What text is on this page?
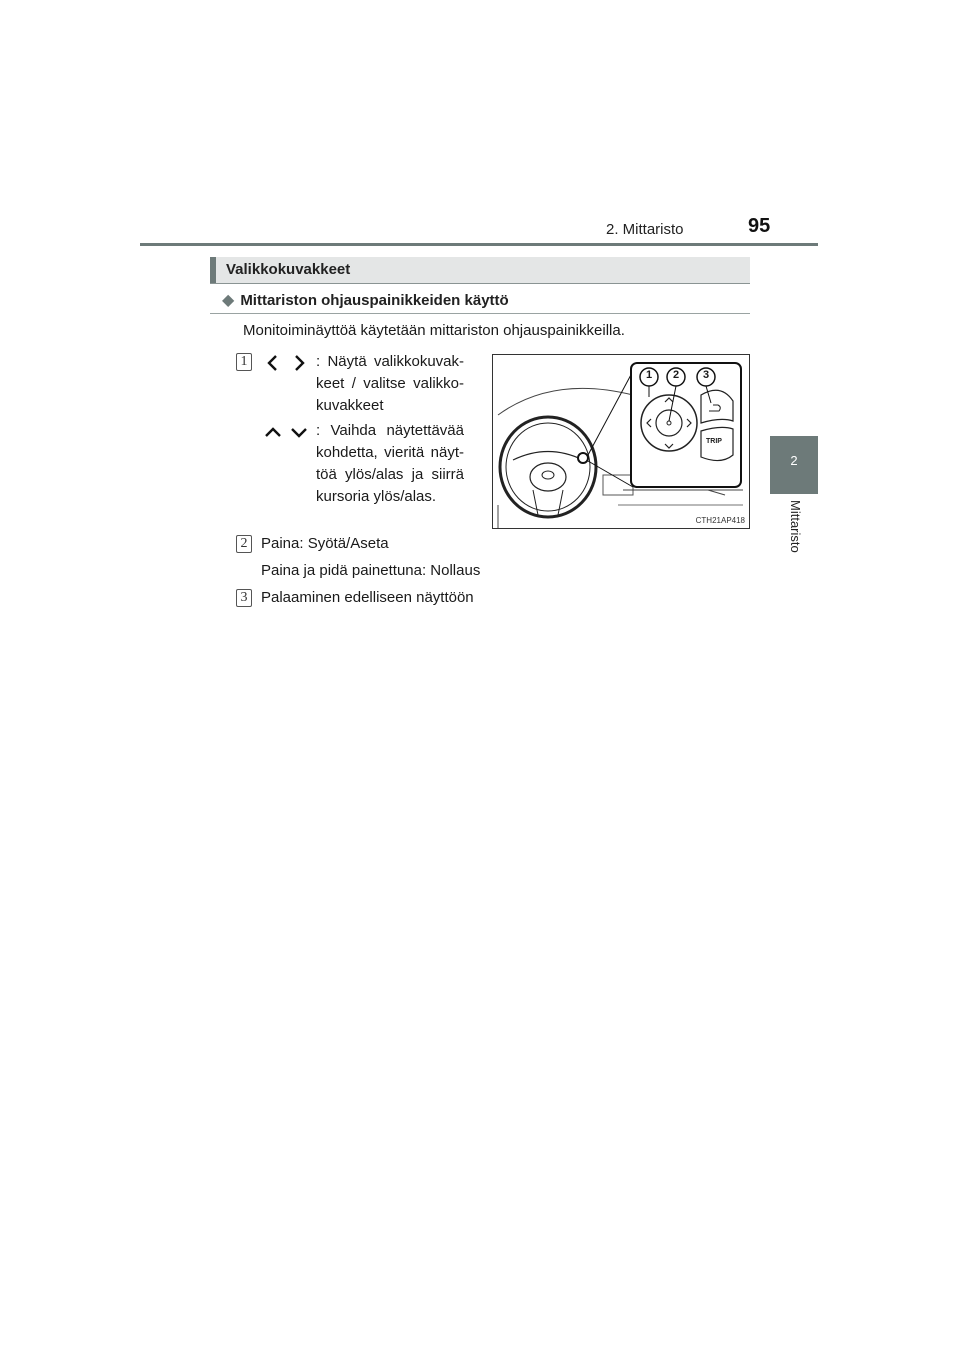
2. Mittaristo	95
2
Mittaristo
Valikkokuvakkeet
◆ Mittariston ohjauspainikkeiden käyttö
Monitoiminäyttöä käytetään mittariston ohjauspainikkeilla.
1	: Näytä valikkokuvak-keet / valitse valikko-kuvakkeet
: Vaihda näytettävää kohdetta, vieritä näyt-töä ylös/alas ja siirrä kursoria ylös/alas.
1 2 3
TRIP
CTH21AP418
2 Paina: Syötä/Aseta
Paina ja pidä painettuna: Nollaus
3 Palaaminen edelliseen näyttöön
